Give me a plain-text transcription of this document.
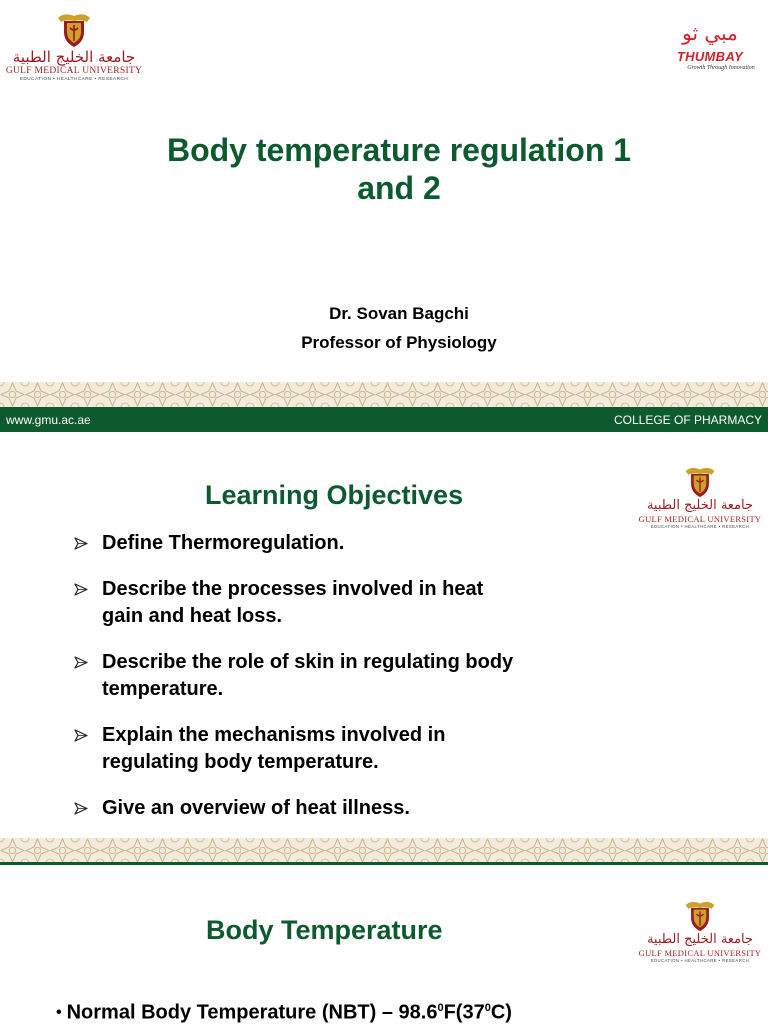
جامعة الخليج الطبية
GULF MEDICAL UNIVERSITY
EDUCATION • HEALTHCARE • RESEARCH
مبي ثو
THUMBAY
Growth Through Innovation
Body temperature regulation 1
and 2
Dr. Sovan Bagchi
Professor of Physiology
www.gmu.ac.ae	COLLEGE OF PHARMACY
Learning Objectives	جامعة الخليج الطبية
GULF MEDICAL UNIVERSITY
EDUCATION • HEALTHCARE • RESEARCH
Define Thermoregulation.
Describe the processes involved in heat
gain and heat loss.
Describe the role of skin in regulating body
temperature.
Explain the mechanisms involved in
regulating body temperature.
Give an overview of heat illness.
Body Temperature	جامعة الخليج الطبية
GULF MEDICAL UNIVERSITY
EDUCATION • HEALTHCARE • RESEARCH
• Normal Body Temperature $(NBT) - 98.6^0F(37^0C)$
